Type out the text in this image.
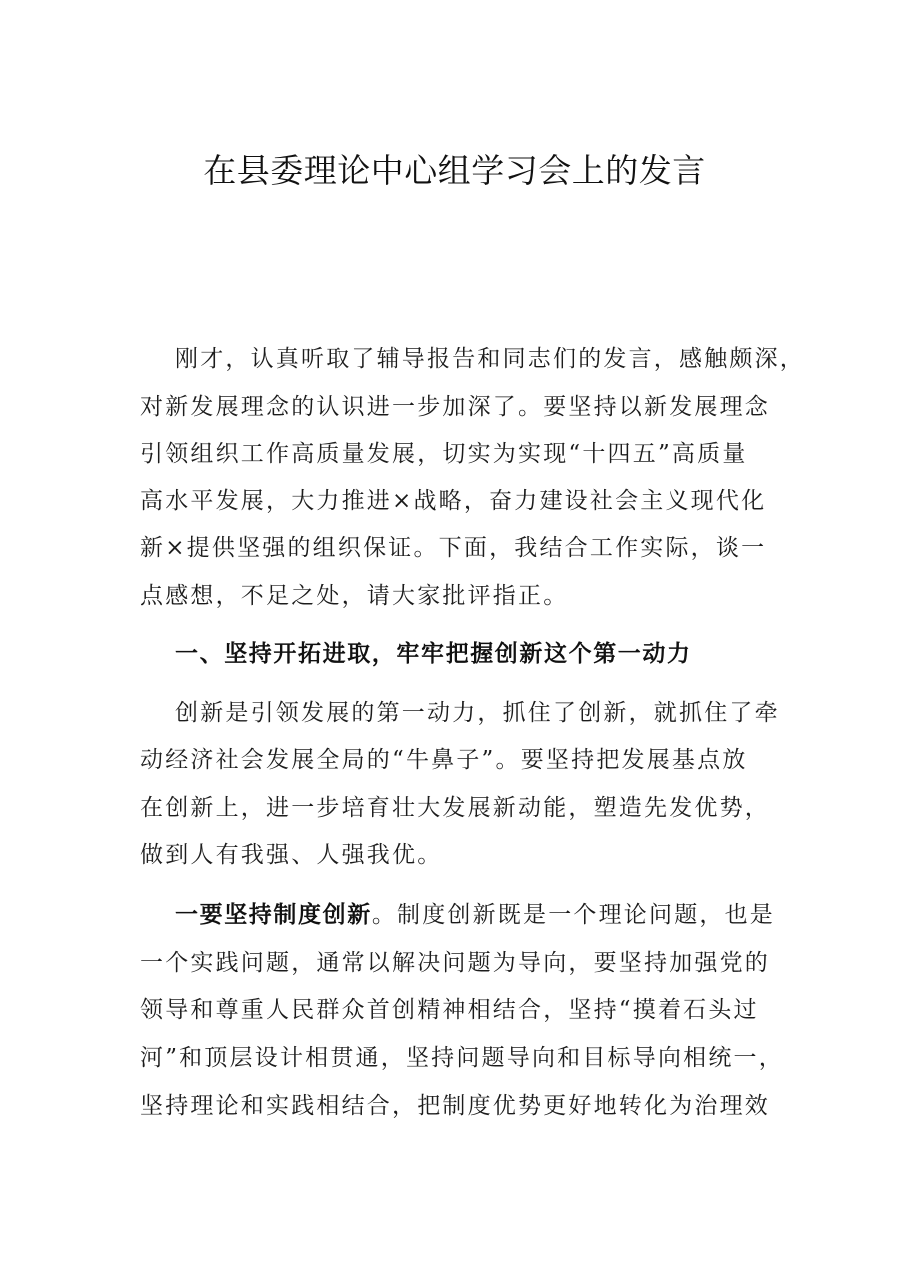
在县委理论中心组学习会上的发言
刚才，认真听取了辅导报告和同志们的发言，感触颇深，
对新发展理念的认识进一步加深了。要坚持以新发展理念
引领组织工作高质量发展，切实为实现“十四五”高质量
高水平发展，大力推进×战略，奋力建设社会主义现代化
新×提供坚强的组织保证。下面，我结合工作实际，谈一
点感想，不足之处，请大家批评指正。
一、坚持开拓进取，牢牢把握创新这个第一动力
创新是引领发展的第一动力，抓住了创新，就抓住了牵
动经济社会发展全局的“牛鼻子”。要坚持把发展基点放
在创新上，进一步培育壮大发展新动能，塑造先发优势，
做到人有我强、人强我优。
一要坚持制度创新。制度创新既是一个理论问题，也是
一个实践问题，通常以解决问题为导向，要坚持加强党的
领导和尊重人民群众首创精神相结合，坚持“摸着石头过
河”和顶层设计相贯通，坚持问题导向和目标导向相统一，
坚持理论和实践相结合，把制度优势更好地转化为治理效
